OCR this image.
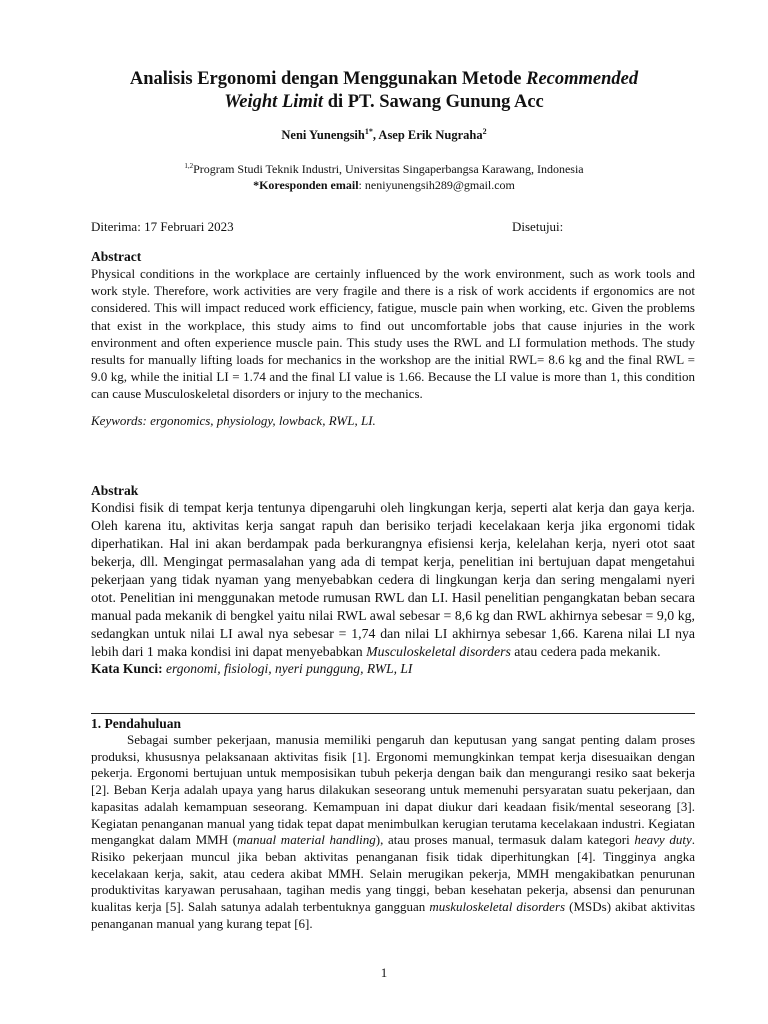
Analisis Ergonomi dengan Menggunakan Metode Recommended
Weight Limit di PT. Sawang Gunung Acc
Neni Yunengsih$^{1*}$, Asep Erik Nugraha$^2$
$^{1,2}$Program Studi Teknik Industri, Universitas Singaperbangsa Karawang, Indonesia
*Koresponden email: neniyunengsih289@gmail.com
Diterima: 17 Februari 2023	Disetujui:
Abstract

Physical conditions in the workplace are certainly influenced by the work environment, such as work tools and work style. Therefore, work activities are very fragile and there is a risk of work accidents if ergonomics are not considered. This will impact reduced work efficiency, fatigue, muscle pain when working, etc. Given the problems that exist in the workplace, this study aims to find out uncomfortable jobs that cause injuries in the work environment and often experience muscle pain. This study uses the RWL and LI formulation methods. The study results for manually lifting loads for mechanics in the workshop are the initial RWL= 8.6 kg and the final RWL = 9.0 kg, while the initial LI = 1.74 and the final LI value is 1.66. Because the LI value is more than 1, this condition can cause Musculoskeletal disorders or injury to the mechanics.

Keywords: ergonomics, physiology, lowback, RWL, LI.
Abstrak

Kondisi fisik di tempat kerja tentunya dipengaruhi oleh lingkungan kerja, seperti alat kerja dan gaya kerja. Oleh karena itu, aktivitas kerja sangat rapuh dan berisiko terjadi kecelakaan kerja jika ergonomi tidak diperhatikan. Hal ini akan berdampak pada berkurangnya efisiensi kerja, kelelahan kerja, nyeri otot saat bekerja, dll. Mengingat permasalahan yang ada di tempat kerja, penelitian ini bertujuan dapat mengetahui pekerjaan yang tidak nyaman yang menyebabkan cedera di lingkungan kerja dan sering mengalami nyeri otot. Penelitian ini menggunakan metode rumusan RWL dan LI. Hasil penelitian pengangkatan beban secara manual pada mekanik di bengkel yaitu nilai RWL awal sebesar = 8,6 kg dan RWL akhirnya sebesar = 9,0 kg, sedangkan untuk nilai LI awal nya sebesar = 1,74 dan nilai LI akhirnya sebesar 1,66. Karena nilai LI nya lebih dari 1 maka kondisi ini dapat menyebabkan Musculoskeletal disorders atau cedera pada mekanik.

Kata Kunci: ergonomi, fisiologi, nyeri punggung, RWL, LI
1. Pendahuluan

Sebagai sumber pekerjaan, manusia memiliki pengaruh dan keputusan yang sangat penting dalam proses produksi, khususnya pelaksanaan aktivitas fisik [1]. Ergonomi memungkinkan tempat kerja disesuaikan dengan pekerja. Ergonomi bertujuan untuk memposisikan tubuh pekerja dengan baik dan mengurangi resiko saat bekerja [2]. Beban Kerja adalah upaya yang harus dilakukan seseorang untuk memenuhi persyaratan suatu pekerjaan, dan kapasitas adalah kemampuan seseorang. Kemampuan ini dapat diukur dari keadaan fisik/mental seseorang [3]. Kegiatan penanganan manual yang tidak tepat dapat menimbulkan kerugian terutama kecelakaan industri. Kegiatan mengangkat dalam MMH (manual material handling), atau proses manual, termasuk dalam kategori heavy duty. Risiko pekerjaan muncul jika beban aktivitas penanganan fisik tidak diperhitungkan [4]. Tingginya angka kecelakaan kerja, sakit, atau cedera akibat MMH. Selain merugikan pekerja, MMH mengakibatkan penurunan produktivitas karyawan perusahaan, tagihan medis yang tinggi, beban kesehatan pekerja, absensi dan penurunan kualitas kerja [5]. Salah satunya adalah terbentuknya gangguan muskuloskeletal disorders (MSDs) akibat aktivitas penanganan manual yang kurang tepat [6].

1
